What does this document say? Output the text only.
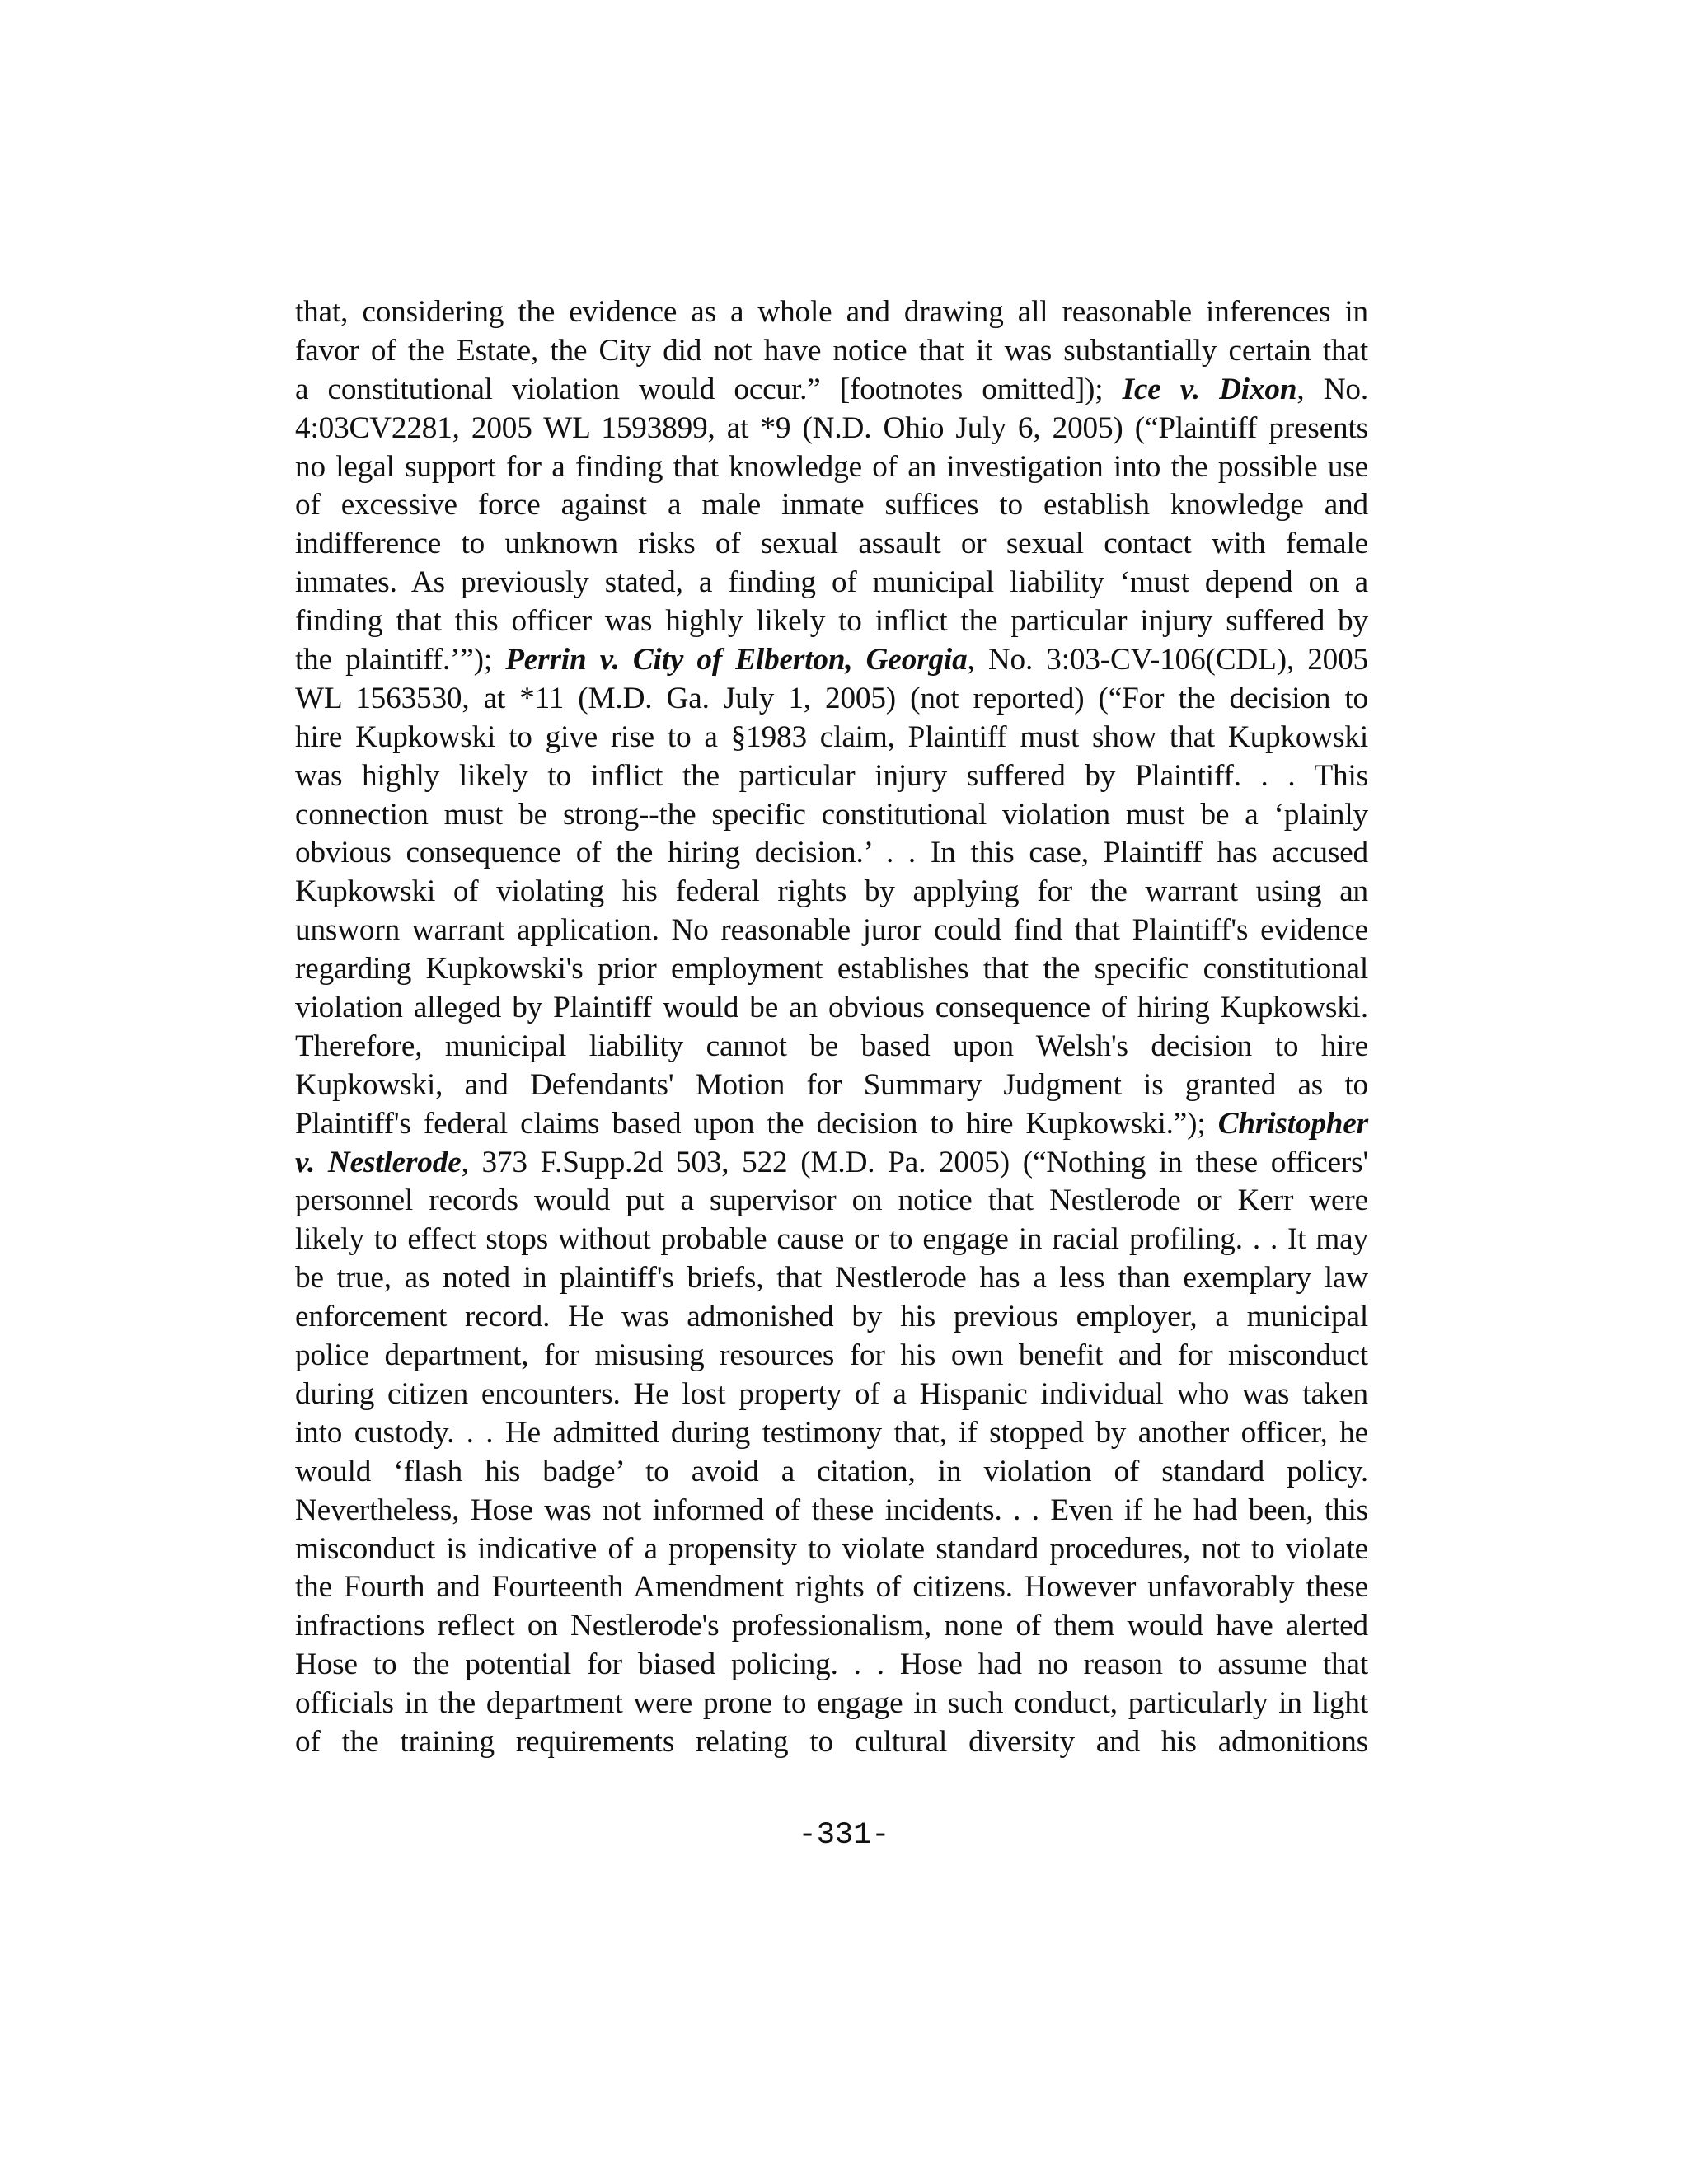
that, considering the evidence as a whole and drawing all reasonable inferences in
favor of the Estate, the City did not have notice that it was substantially certain that
a constitutional violation would occur.” [footnotes omitted]); Ice v. Dixon, No.
4:03CV2281, 2005 WL 1593899, at *9 (N.D. Ohio July 6, 2005) (“Plaintiff presents
no legal support for a finding that knowledge of an investigation into the possible use
of excessive force against a male inmate suffices to establish knowledge and
indifference to unknown risks of sexual assault or sexual contact with female
inmates. As previously stated, a finding of municipal liability ‘must depend on a
finding that this officer was highly likely to inflict the particular injury suffered by
the plaintiff.’”); Perrin v. City of Elberton, Georgia, No. 3:03-CV-106(CDL), 2005
WL 1563530, at *11 (M.D. Ga. July 1, 2005) (not reported) (“For the decision to
hire Kupkowski to give rise to a §1983 claim, Plaintiff must show that Kupkowski
was highly likely to inflict the particular injury suffered by Plaintiff. . . This
connection must be strong--the specific constitutional violation must be a ‘plainly
obvious consequence of the hiring decision.’ . . In this case, Plaintiff has accused
Kupkowski of violating his federal rights by applying for the warrant using an
unsworn warrant application. No reasonable juror could find that Plaintiff's evidence
regarding Kupkowski's prior employment establishes that the specific constitutional
violation alleged by Plaintiff would be an obvious consequence of hiring Kupkowski.
Therefore, municipal liability cannot be based upon Welsh's decision to hire
Kupkowski, and Defendants' Motion for Summary Judgment is granted as to
Plaintiff's federal claims based upon the decision to hire Kupkowski.”); Christopher
v. Nestlerode, 373 F.Supp.2d 503, 522 (M.D. Pa. 2005) (“Nothing in these officers'
personnel records would put a supervisor on notice that Nestlerode or Kerr were
likely to effect stops without probable cause or to engage in racial profiling. . . It may
be true, as noted in plaintiff's briefs, that Nestlerode has a less than exemplary law
enforcement record. He was admonished by his previous employer, a municipal
police department, for misusing resources for his own benefit and for misconduct
during citizen encounters. He lost property of a Hispanic individual who was taken
into custody. . . He admitted during testimony that, if stopped by another officer, he
would ‘flash his badge’ to avoid a citation, in violation of standard policy.
Nevertheless, Hose was not informed of these incidents. . . Even if he had been, this
misconduct is indicative of a propensity to violate standard procedures, not to violate
the Fourth and Fourteenth Amendment rights of citizens. However unfavorably these
infractions reflect on Nestlerode's professionalism, none of them would have alerted
Hose to the potential for biased policing. . . Hose had no reason to assume that
officials in the department were prone to engage in such conduct, particularly in light
of the training requirements relating to cultural diversity and his admonitions

-331-
